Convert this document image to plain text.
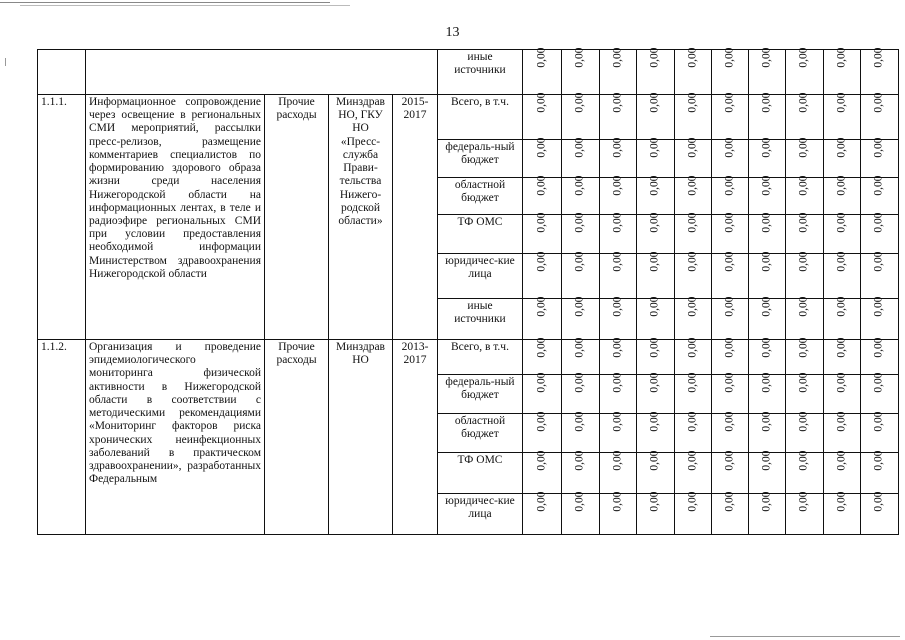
13
					иные источники	0,00	0,00	0,00	0,00	0,00	0,00	0,00	0,00	0,00	0,00
1.1.1.	Информационное сопровождение через освещение в региональных СМИ мероприятий, рассылки пресс-релизов, размещение комментариев специалистов по формированию здорового образа жизни среди населения Нижегородской области на информационных лентах, в теле и радиоэфире региональных СМИ при условии предоставления необходимой информации Министерством здравоохранения Нижегородской области	Прочие расходы	Минздрав НО, ГКУ НО «Пресс-служба Прави-тельства Нижего-родской области»	2015-2017	Всего, в т.ч.	0,00	0,00	0,00	0,00	0,00	0,00	0,00	0,00	0,00	0,00
					федераль-ный бюджет	0,00	0,00	0,00	0,00	0,00	0,00	0,00	0,00	0,00	0,00
					областной бюджет	0,00	0,00	0,00	0,00	0,00	0,00	0,00	0,00	0,00	0,00
					ТФ ОМС	0,00	0,00	0,00	0,00	0,00	0,00	0,00	0,00	0,00	0,00
					юридичес-кие лица	0,00	0,00	0,00	0,00	0,00	0,00	0,00	0,00	0,00	0,00
					иные источники	0,00	0,00	0,00	0,00	0,00	0,00	0,00	0,00	0,00	0,00
1.1.2.	Организация и проведение эпидемиологического мониторинга физической активности в Нижегородской области в соответствии с методическими рекомендациями «Мониторинг факторов риска хронических неинфекционных заболеваний в практическом здравоохранении», разработанных Федеральным	Прочие расходы	Минздрав НО	2013-2017	Всего, в т.ч.	0,00	0,00	0,00	0,00	0,00	0,00	0,00	0,00	0,00	0,00
					федераль-ный бюджет	0,00	0,00	0,00	0,00	0,00	0,00	0,00	0,00	0,00	0,00
					областной бюджет	0,00	0,00	0,00	0,00	0,00	0,00	0,00	0,00	0,00	0,00
					ТФ ОМС	0,00	0,00	0,00	0,00	0,00	0,00	0,00	0,00	0,00	0,00
					юридичес-кие лица	0,00	0,00	0,00	0,00	0,00	0,00	0,00	0,00	0,00	0,00
